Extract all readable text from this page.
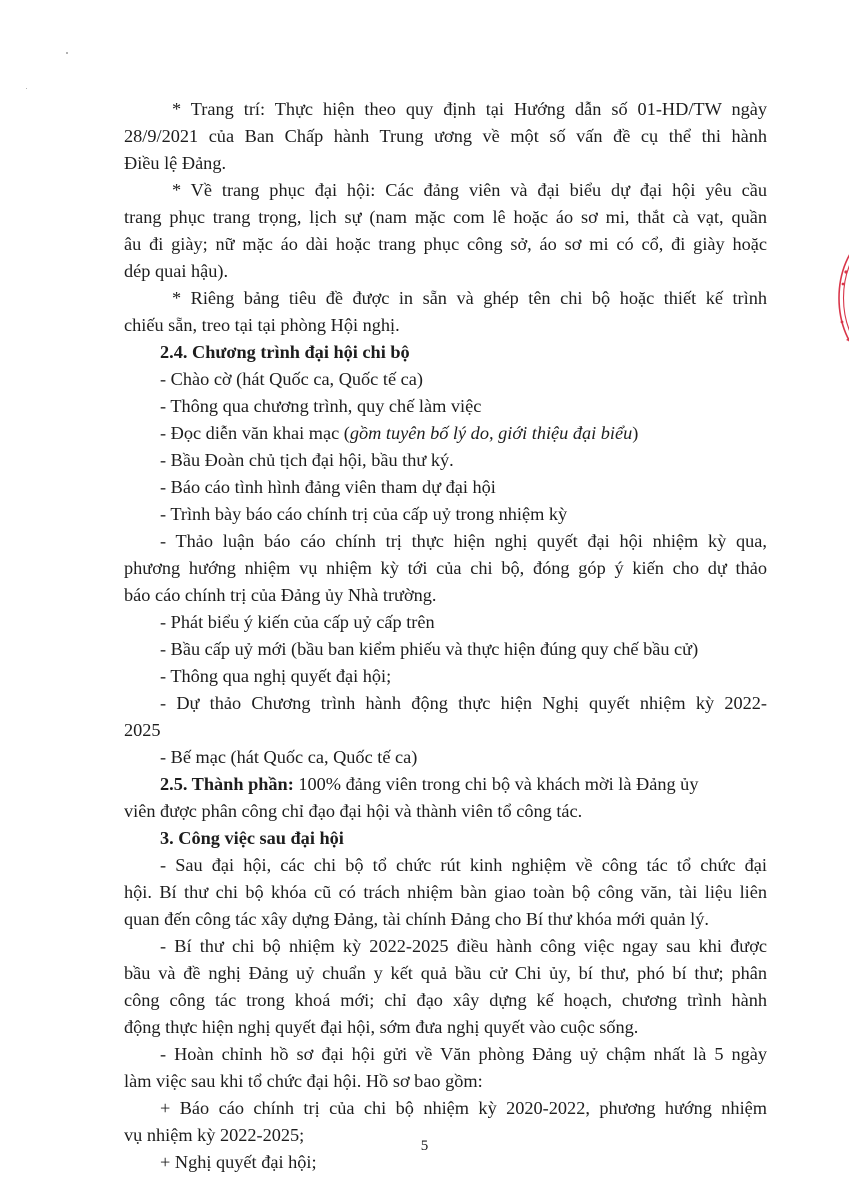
* Trang trí: Thực hiện theo quy định tại Hướng dẫn số 01-HD/TW ngày
28/9/2021 của Ban Chấp hành Trung ương về một số vấn đề cụ thể thi hành
Điều lệ Đảng.
* Về trang phục đại hội: Các đảng viên và đại biểu dự đại hội yêu cầu
trang phục trang trọng, lịch sự (nam mặc com lê hoặc áo sơ mi, thắt cà vạt, quần
âu đi giày; nữ mặc áo dài hoặc trang phục công sở, áo sơ mi có cổ, đi giày hoặc
dép quai hậu).
* Riêng bảng tiêu đề được in sẵn và ghép tên chi bộ hoặc thiết kế trình
chiếu sẵn, treo tại tại phòng Hội nghị.
2.4. Chương trình đại hội chi bộ
- Chào cờ (hát Quốc ca, Quốc tế ca)
- Thông qua chương trình, quy chế làm việc
- Đọc diễn văn khai mạc (gồm tuyên bố lý do, giới thiệu đại biểu)
- Bầu Đoàn chủ tịch đại hội, bầu thư ký.
- Báo cáo tình hình đảng viên tham dự đại hội
- Trình bày báo cáo chính trị của cấp uỷ trong nhiệm kỳ
- Thảo luận báo cáo chính trị thực hiện nghị quyết đại hội nhiệm kỳ qua,
phương hướng nhiệm vụ nhiệm kỳ tới của chi bộ, đóng góp ý kiến cho dự thảo
báo cáo chính trị của Đảng ủy Nhà trường.
- Phát biểu ý kiến của cấp uỷ cấp trên
- Bầu cấp uỷ mới (bầu ban kiểm phiếu và thực hiện đúng quy chế bầu cử)
- Thông qua nghị quyết đại hội;
- Dự thảo Chương trình hành động thực hiện Nghị quyết nhiệm kỳ 2022-
2025
- Bế mạc (hát Quốc ca, Quốc tế ca)
2.5. Thành phần: 100% đảng viên trong chi bộ và khách mời là Đảng ủy
viên được phân công chỉ đạo đại hội và thành viên tổ công tác.
3. Công việc sau đại hội
- Sau đại hội, các chi bộ tổ chức rút kinh nghiệm về công tác tổ chức đại
hội. Bí thư chi bộ khóa cũ có trách nhiệm bàn giao toàn bộ công văn, tài liệu liên
quan đến công tác xây dựng Đảng, tài chính Đảng cho Bí thư khóa mới quản lý.
- Bí thư chi bộ nhiệm kỳ 2022-2025 điều hành công việc ngay sau khi được
bầu và đề nghị Đảng uỷ chuẩn y kết quả bầu cử Chi ủy, bí thư, phó bí thư; phân
công công tác trong khoá mới; chỉ đạo xây dựng kế hoạch, chương trình hành
động thực hiện nghị quyết đại hội, sớm đưa nghị quyết vào cuộc sống.
- Hoàn chỉnh hồ sơ đại hội gửi về Văn phòng Đảng uỷ chậm nhất là 5 ngày
làm việc sau khi tổ chức đại hội. Hồ sơ bao gồm:
+ Báo cáo chính trị của chi bộ nhiệm kỳ 2020-2022, phương hướng nhiệm
vụ nhiệm kỳ 2022-2025;
+ Nghị quyết đại hội;
5
